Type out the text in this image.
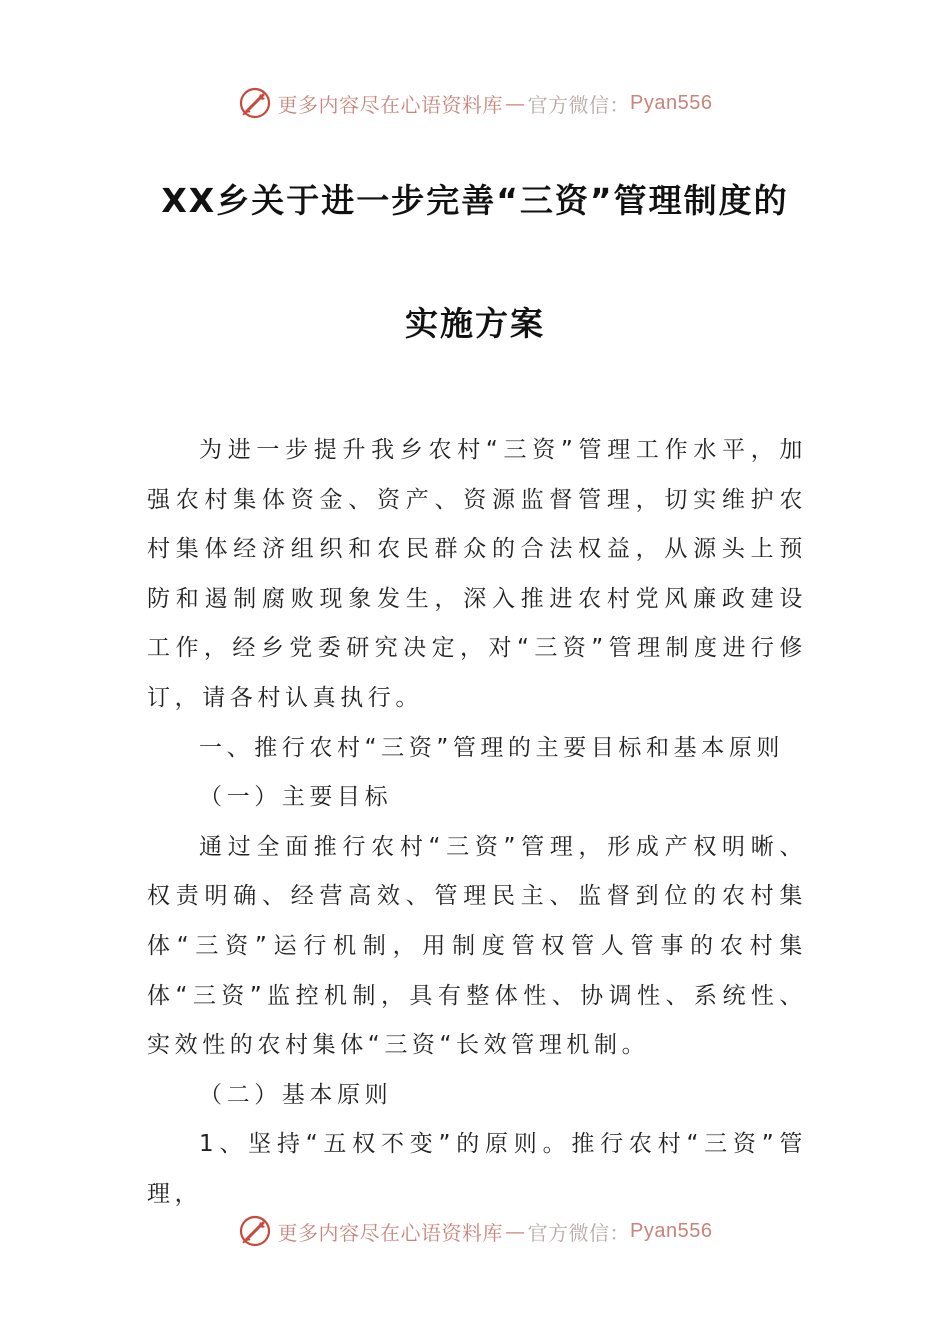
更多内容尽在心语资料库 — 官方微信： Pyan556
XX乡关于进一步完善“三资”管理制度的
实施方案

为进一步提升我乡农村“三资”管理工作水平，加强农村集体资金、资产、资源监督管理，切实维护农村集体经济组织和农民群众的合法权益，从源头上预防和遏制腐败现象发生，深入推进农村党风廉政建设工作，经乡党委研究决定，对“三资”管理制度进行修订，请各村认真执行。

一、推行农村“三资”管理的主要目标和基本原则

（一）主要目标

通过全面推行农村“三资”管理，形成产权明晰、权责明确、经营高效、管理民主、监督到位的农村集体“三资”运行机制，用制度管权管人管事的农村集体“三资”监控机制，具有整体性、协调性、系统性、实效性的农村集体“三资“长效管理机制。

（二）基本原则

1、坚持“五权不变”的原则。推行农村“三资”管理，

更多内容尽在心语资料库 — 官方微信： Pyan556
